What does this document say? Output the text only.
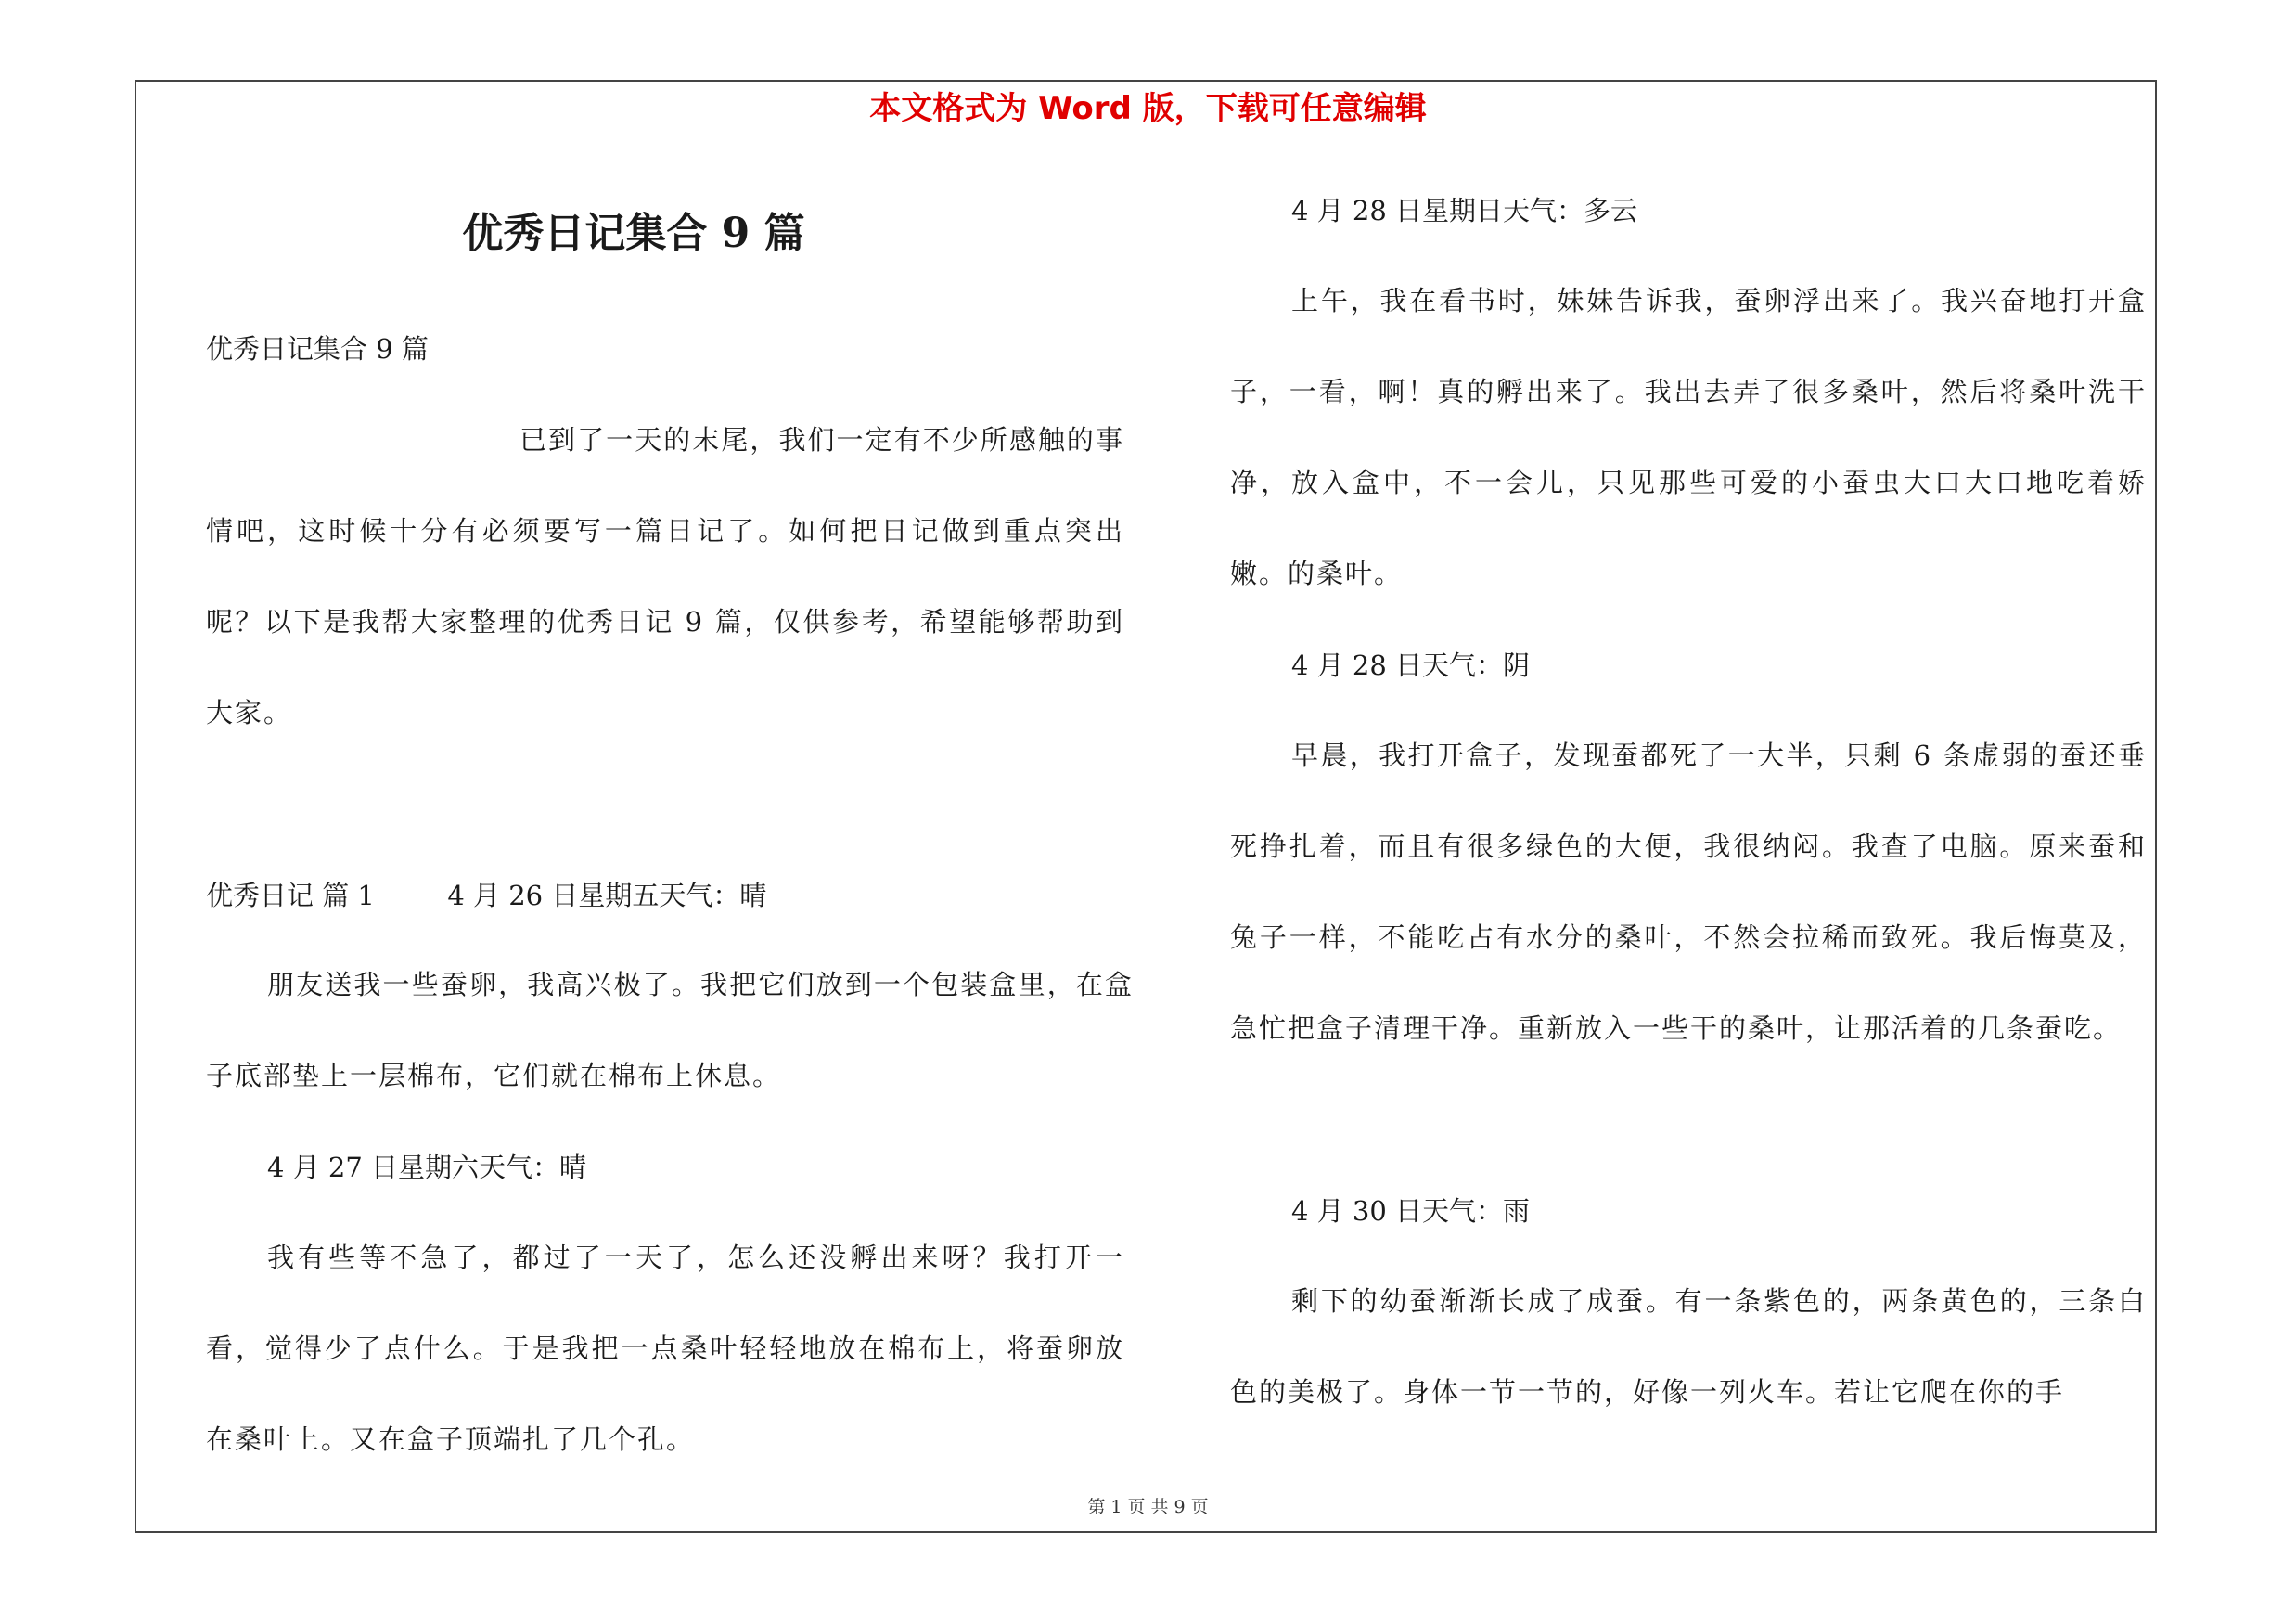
本文格式为 Word 版，下载可任意编辑
优秀日记集合 9 篇
优秀日记集合 9 篇
已到了一天的末尾，我们一定有不少所感触的事情吧，这时候十分有必须要写一篇日记了。如何把日记做到重点突出呢？以下是我帮大家整理的优秀日记 9 篇，仅供参考，希望能够帮助到大家。
优秀日记 篇 1	4 月 26 日星期五天气：晴
朋友送我一些蚕卵，我高兴极了。我把它们放到一个包装盒里，在盒子底部垫上一层棉布，它们就在棉布上休息。
4 月 27 日星期六天气：晴
我有些等不急了，都过了一天了，怎么还没孵出来呀？我打开一看，觉得少了点什么。于是我把一点桑叶轻轻地放在棉布上，将蚕卵放在桑叶上。又在盒子顶端扎了几个孔。
4 月 28 日星期日天气：多云
上午，我在看书时，妹妹告诉我，蚕卵浮出来了。我兴奋地打开盒子，一看，啊！真的孵出来了。我出去弄了很多桑叶，然后将桑叶洗干净，放入盒中，不一会儿，只见那些可爱的小蚕虫大口大口地吃着娇嫩。的桑叶。
4 月 28 日天气：阴
早晨，我打开盒子，发现蚕都死了一大半，只剩 6 条虚弱的蚕还垂死挣扎着，而且有很多绿色的大便，我很纳闷。我查了电脑。原来蚕和兔子一样，不能吃占有水分的桑叶，不然会拉稀而致死。我后悔莫及，急忙把盒子清理干净。重新放入一些干的桑叶，让那活着的几条蚕吃。
4 月 30 日天气：雨
剩下的幼蚕渐渐长成了成蚕。有一条紫色的，两条黄色的，三条白色的美极了。身体一节一节的，好像一列火车。若让它爬在你的手
第 1 页 共 9 页
